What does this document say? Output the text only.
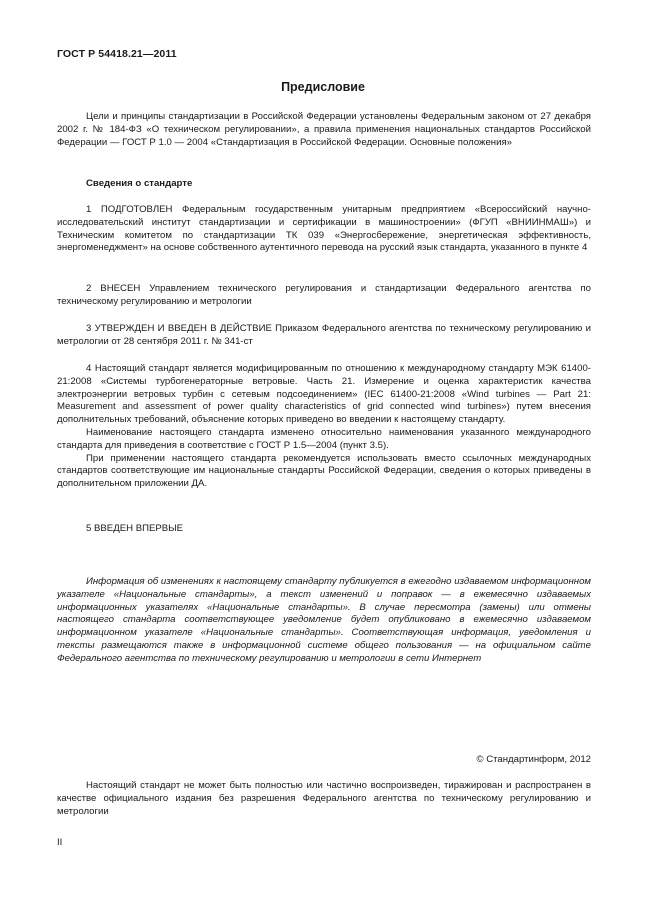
ГОСТ Р 54418.21—2011
Предисловие

Цели и принципы стандартизации в Российской Федерации установлены Федеральным законом от 27 декабря 2002 г. № 184-ФЗ «О техническом регулировании», а правила применения национальных стандартов Российской Федерации — ГОСТ Р 1.0 — 2004 «Стандартизация в Российской Федерации. Основные положения»

Сведения о стандарте

1 ПОДГОТОВЛЕН Федеральным государственным унитарным предприятием «Всероссийский научно-исследовательский институт стандартизации и сертификации в машиностроении» (ФГУП «ВНИИНМАШ») и Техническим комитетом по стандартизации ТК 039 «Энергосбережение, энергетическая эффективность, энергоменеджмент» на основе собственного аутентичного перевода на русский язык стандарта, указанного в пункте 4

2 ВНЕСЕН Управлением технического регулирования и стандартизации Федерального агентства по техническому регулированию и метрологии

3 УТВЕРЖДЕН И ВВЕДЕН В ДЕЙСТВИЕ Приказом Федерального агентства по техническому регулированию и метрологии от 28 сентября 2011 г. № 341-ст

4 Настоящий стандарт является модифицированным по отношению к международному стандарту МЭК 61400-21:2008 «Системы турбогенераторные ветровые. Часть 21. Измерение и оценка характеристик качества электроэнергии ветровых турбин с сетевым подсоединением» (IEC 61400-21:2008 «Wind turbines — Part 21: Measurement and assessment of power quality characteristics of grid connected wind turbines») путем внесения дополнительных требований, объяснение которых приведено во введении к настоящему стандарту.

Наименование настоящего стандарта изменено относительно наименования указанного международного стандарта для приведения в соответствие с ГОСТ Р 1.5—2004 (пункт 3.5).

При применении настоящего стандарта рекомендуется использовать вместо ссылочных международных стандартов соответствующие им национальные стандарты Российской Федерации, сведения о которых приведены в дополнительном приложении ДА.

5 ВВЕДЕН ВПЕРВЫЕ

Информация об изменениях к настоящему стандарту публикуется в ежегодно издаваемом информационном указателе «Национальные стандарты», а текст изменений и поправок — в ежемесячно издаваемых информационных указателях «Национальные стандарты». В случае пересмотра (замены) или отмены настоящего стандарта соответствующее уведомление будет опубликовано в ежемесячно издаваемом информационном указателе «Национальные стандарты». Соответствующая информация, уведомления и тексты размещаются также в информационной системе общего пользования — на официальном сайте Федерального агентства по техническому регулированию и метрологии в сети Интернет

© Стандартинформ, 2012

Настоящий стандарт не может быть полностью или частично воспроизведен, тиражирован и распространен в качестве официального издания без разрешения Федерального агентства по техническому регулированию и метрологии

II
